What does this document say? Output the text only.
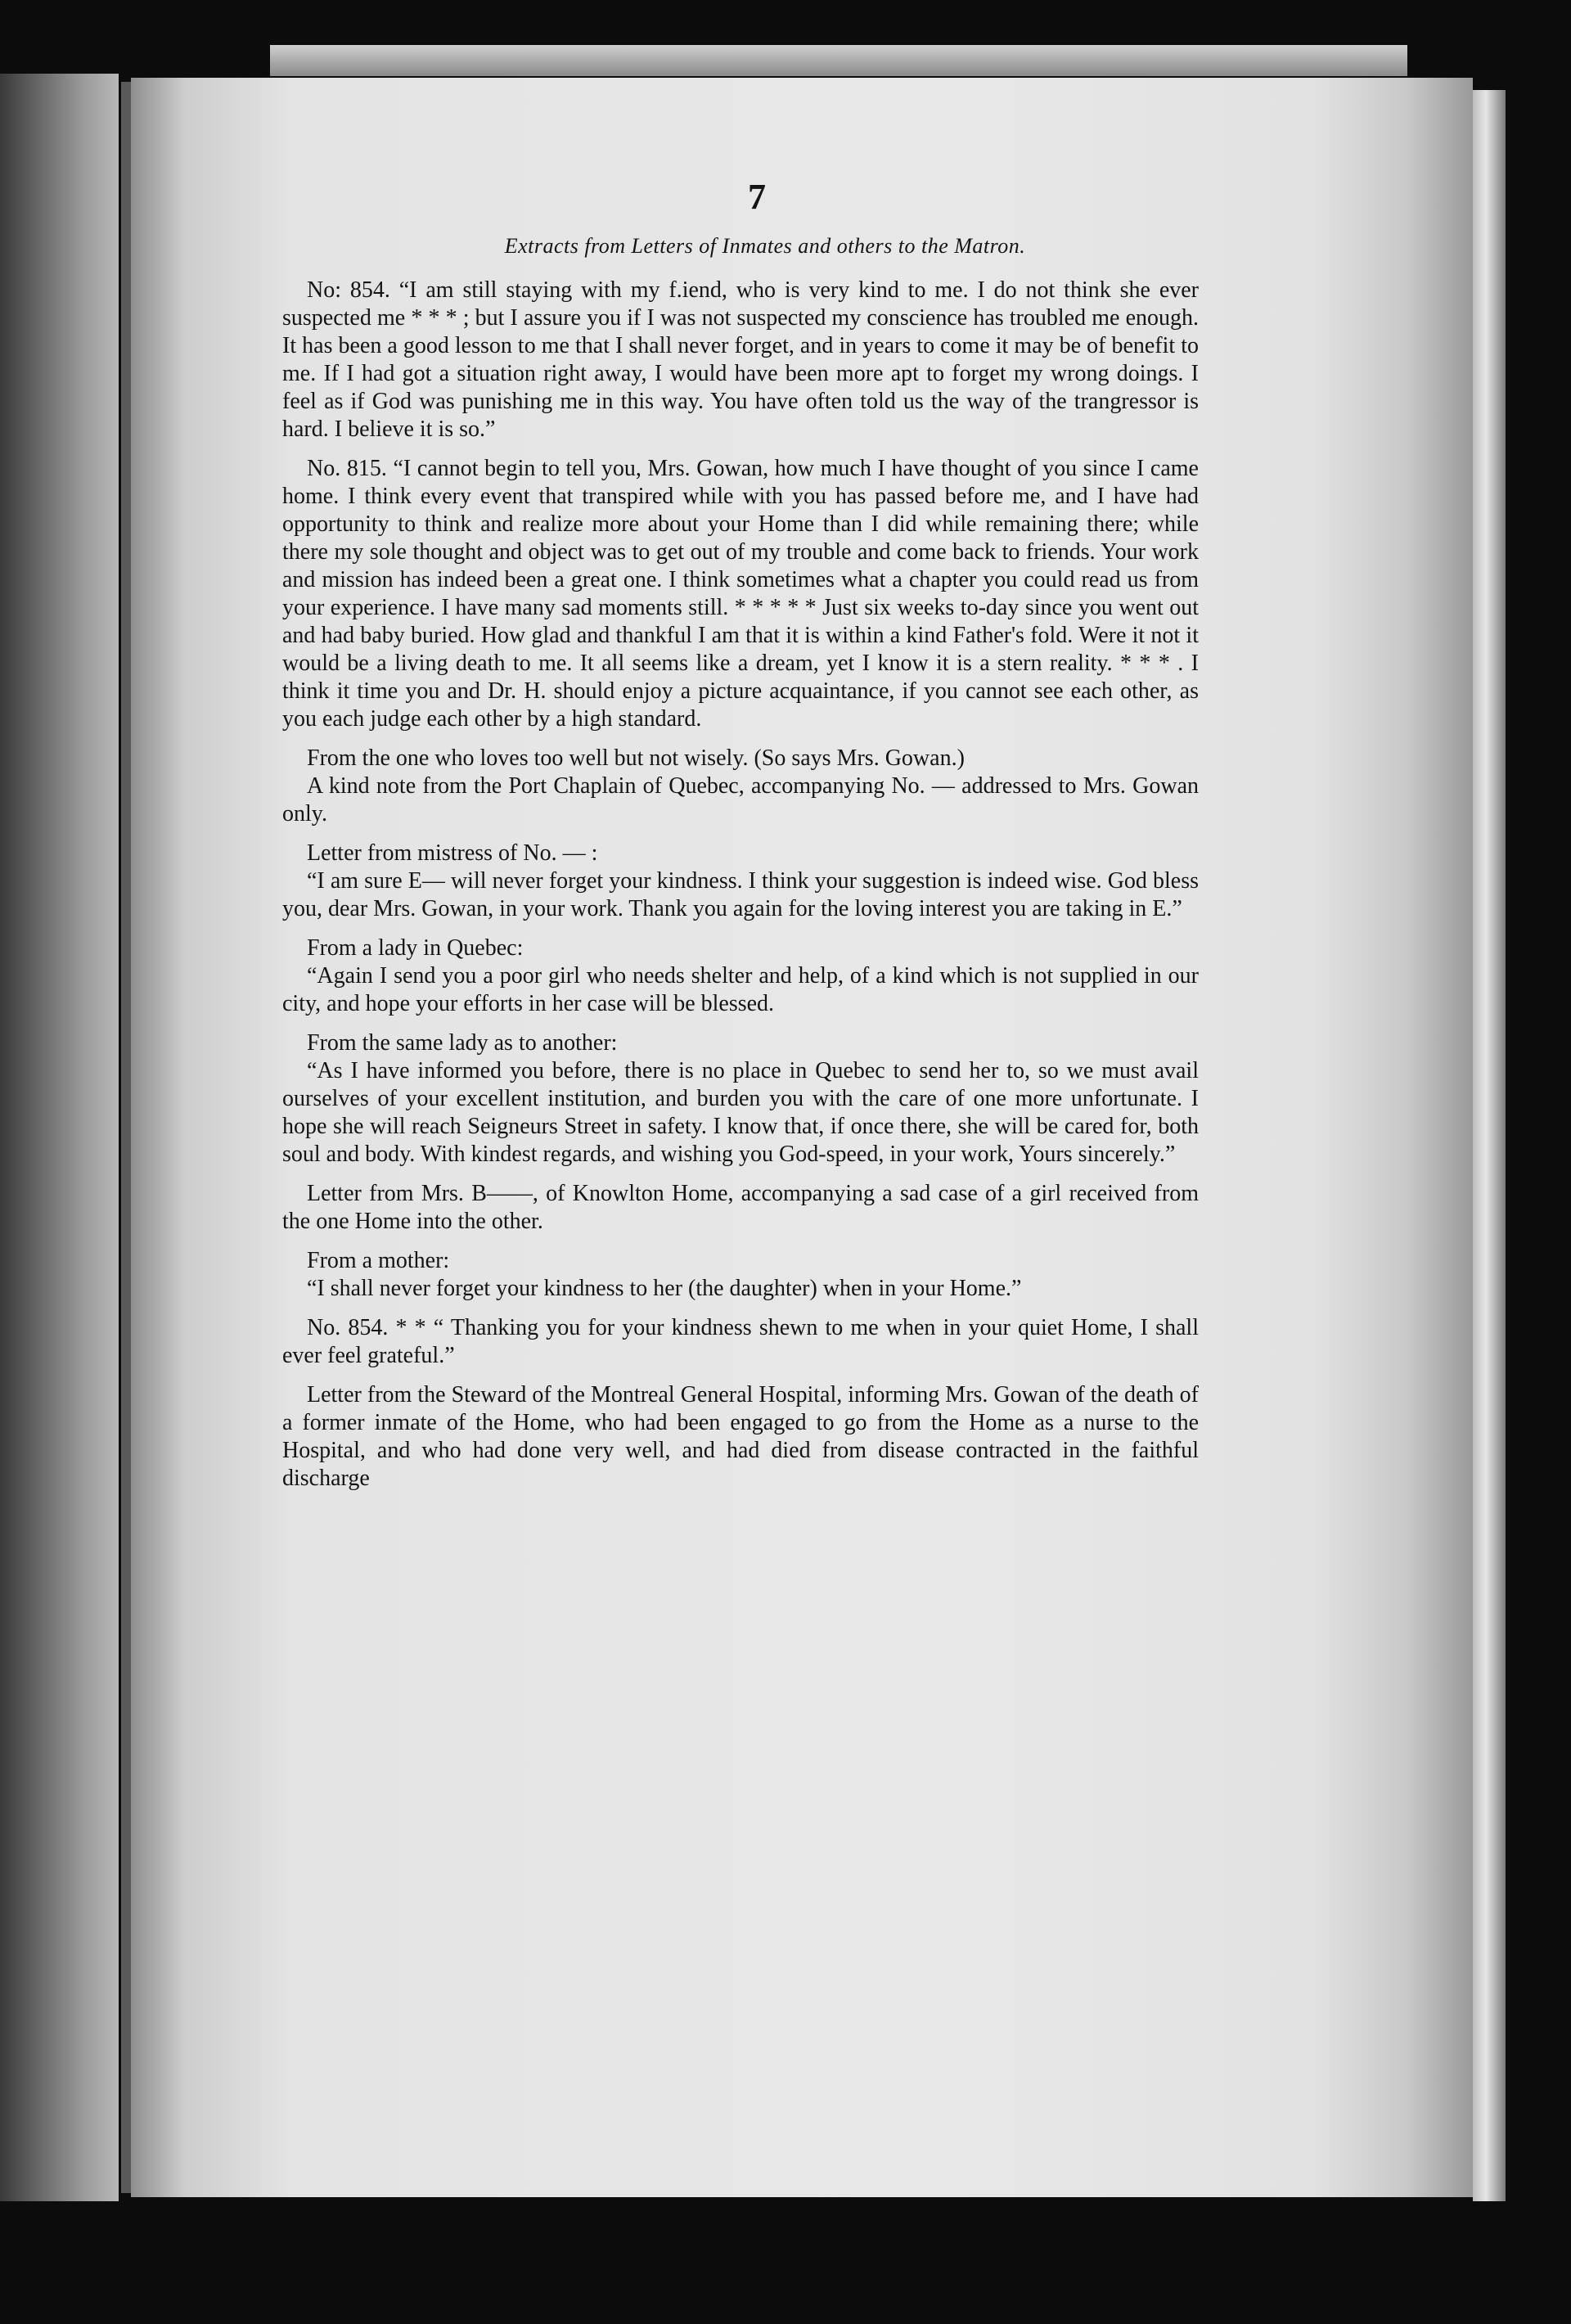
7
Extracts from Letters of Inmates and others to the Matron.

No: 854. “I am still staying with my f.iend, who is very kind to me. I do not think she ever suspected me * * * ; but I assure you if I was not suspected my conscience has troubled me enough. It has been a good lesson to me that I shall never forget, and in years to come it may be of benefit to me. If I had got a situation right away, I would have been more apt to forget my wrong doings. I feel as if God was punishing me in this way. You have often told us the way of the trangressor is hard. I believe it is so.”

No. 815. “I cannot begin to tell you, Mrs. Gowan, how much I have thought of you since I came home. I think every event that transpired while with you has passed before me, and I have had opportunity to think and realize more about your Home than I did while remaining there; while there my sole thought and object was to get out of my trouble and come back to friends. Your work and mission has indeed been a great one. I think sometimes what a chapter you could read us from your experience. I have many sad moments still. * * * * * Just six weeks to-day since you went out and had baby buried. How glad and thankful I am that it is within a kind Father's fold. Were it not it would be a living death to me. It all seems like a dream, yet I know it is a stern reality. * * * . I think it time you and Dr. H. should enjoy a picture acquaintance, if you cannot see each other, as you each judge each other by a high standard.

From the one who loves too well but not wisely. (So says Mrs. Gowan.)

A kind note from the Port Chaplain of Quebec, accompanying No. — addressed to Mrs. Gowan only.

Letter from mistress of No. — :

“I am sure E— will never forget your kindness. I think your suggestion is indeed wise. God bless you, dear Mrs. Gowan, in your work. Thank you again for the loving interest you are taking in E.”

From a lady in Quebec:

“Again I send you a poor girl who needs shelter and help, of a kind which is not supplied in our city, and hope your efforts in her case will be blessed.

From the same lady as to another:

“As I have informed you before, there is no place in Quebec to send her to, so we must avail ourselves of your excellent institution, and burden you with the care of one more unfortunate. I hope she will reach Seigneurs Street in safety. I know that, if once there, she will be cared for, both soul and body. With kindest regards, and wishing you God-speed, in your work, Yours sincerely.”

Letter from Mrs. B——, of Knowlton Home, accompanying a sad case of a girl received from the one Home into the other.

From a mother:

“I shall never forget your kindness to her (the daughter) when in your Home.”

No. 854. * * “ Thanking you for your kindness shewn to me when in your quiet Home, I shall ever feel grateful.”

Letter from the Steward of the Montreal General Hospital, informing Mrs. Gowan of the death of a former inmate of the Home, who had been engaged to go from the Home as a nurse to the Hospital, and who had done very well, and had died from disease contracted in the faithful discharge
